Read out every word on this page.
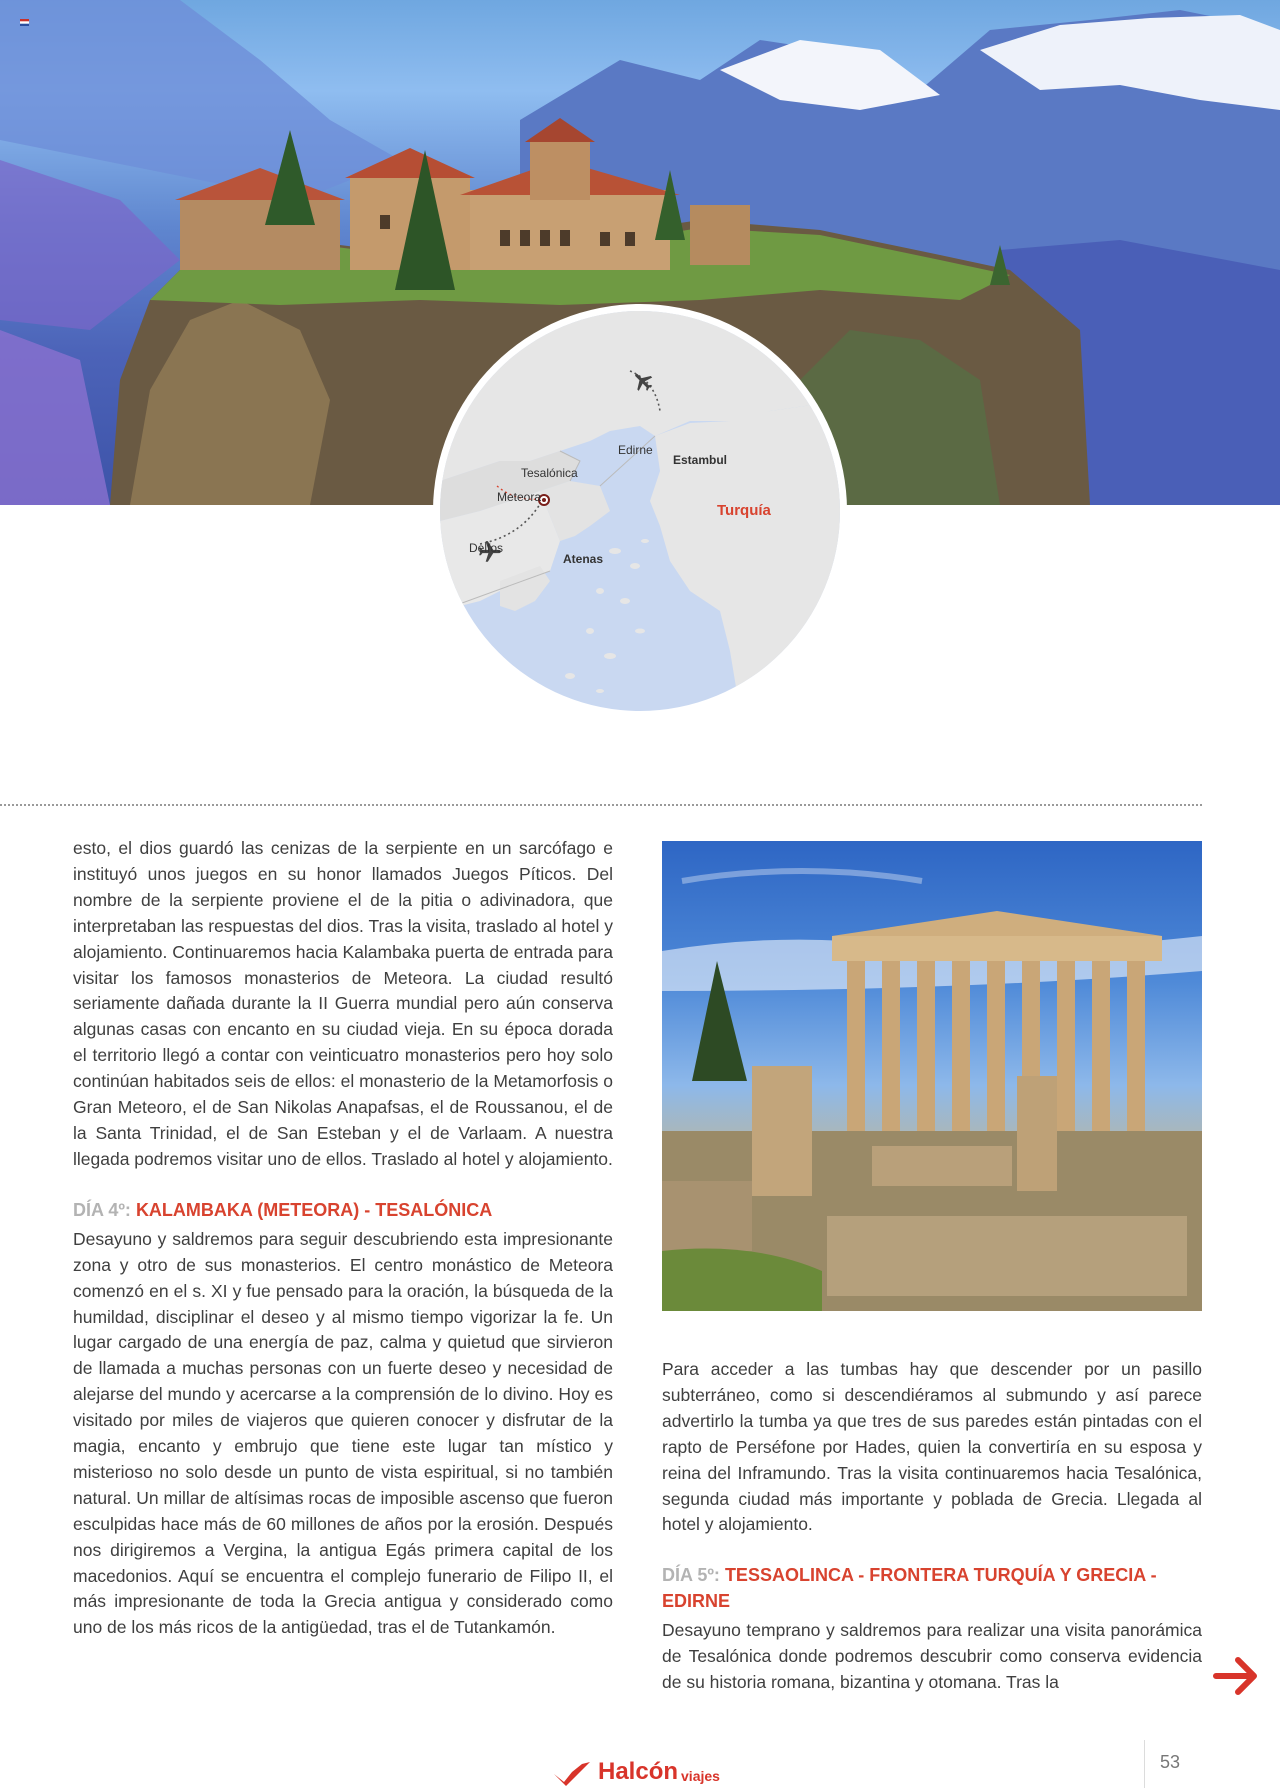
Edirne
Estambul
Tesalónica
Meteora
Turquía
Delfos
Atenas

esto, el dios guardó las cenizas de la serpiente en un sarcófago e instituyó unos juegos en su honor llamados Juegos Píticos. Del nombre de la serpiente proviene el de la pitia o adivinadora, que interpretaban las respuestas del dios. Tras la visita, traslado al hotel y alojamiento. Continuaremos hacia Kalambaka puerta de entrada para visitar los famosos monasterios de Meteora. La ciudad resultó seriamente dañada durante la II Guerra mundial pero aún conserva algunas casas con encanto en su ciudad vieja. En su época dorada el territorio llegó a contar con veinticuatro monasterios pero hoy solo continúan habitados seis de ellos: el monasterio de la Metamorfosis o Gran Meteoro, el de San Nikolas Anapafsas, el de Roussanou, el de la Santa Trinidad, el de San Esteban y el de Varlaam. A nuestra llegada podremos visitar uno de ellos. Traslado al hotel y alojamiento.

DÍA 4º: KALAMBAKA (METEORA) - TESALÓNICA

Desayuno y saldremos para seguir descubriendo esta impresionante zona y otro de sus monasterios. El centro monástico de Meteora comenzó en el s. XI y fue pensado para la oración, la búsqueda de la humildad, disciplinar el deseo y al mismo tiempo vigorizar la fe. Un lugar cargado de una energía de paz, calma y quietud que sirvieron de llamada a muchas personas con un fuerte deseo y necesidad de alejarse del mundo y acercarse a la comprensión de lo divino. Hoy es visitado por miles de viajeros que quieren conocer y disfrutar de la magia, encanto y embrujo que tiene este lugar tan místico y misterioso no solo desde un punto de vista espiritual, si no también natural. Un millar de altísimas rocas de imposible ascenso que fueron esculpidas hace más de 60 millones de años por la erosión. Después nos dirigiremos a Vergina, la antigua Egás primera capital de los macedonios. Aquí se encuentra el complejo funerario de Filipo II, el más impresionante de toda la Grecia antigua y considerado como uno de los más ricos de la antigüedad, tras el de Tutankamón.

Para acceder a las tumbas hay que descender por un pasillo subterráneo, como si descendiéramos al submundo y así parece advertirlo la tumba ya que tres de sus paredes están pintadas con el rapto de Perséfone por Hades, quien la convertiría en su esposa y reina del Inframundo. Tras la visita continuaremos hacia Tesalónica, segunda ciudad más importante y poblada de Grecia. Llegada al hotel y alojamiento.

DÍA 5º: TESSAOLINCA - FRONTERA TURQUÍA Y GRECIA - EDIRNE

Desayuno temprano y saldremos para realizar una visita panorámica de Tesalónica donde podremos descubrir como conserva evidencia de su historia romana, bizantina y otomana. Tras la

Halcón viajes
53
